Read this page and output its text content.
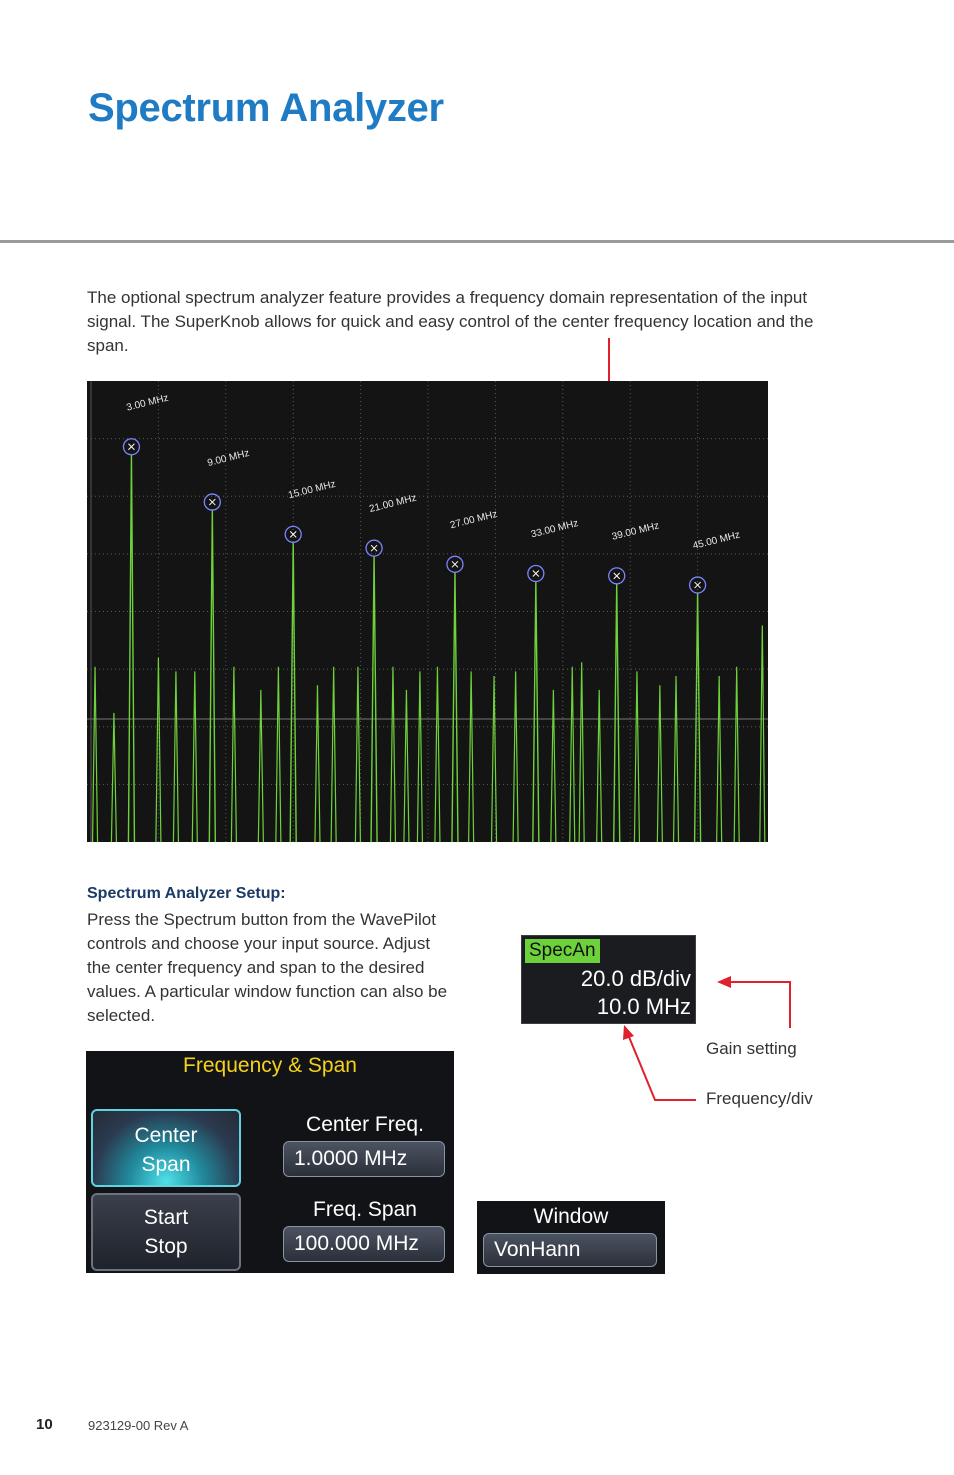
Spectrum Analyzer
The optional spectrum analyzer feature provides a frequency domain representation of the input signal. The SuperKnob allows for quick and easy control of the center frequency location and the span.
3.00 MHz
9.00 MHz
15.00 MHz
21.00 MHz
27.00 MHz	33.00 MHz	39.00 MHz	45.00 MHz
Spectrum Analyzer Setup:
Press the Spectrum button from the WavePilot controls and choose your input source. Adjust the center frequency and span to the desired values. A particular window function can also be selected.
SpecAn
20.0 dB/div
10.0 MHz
Gain setting
Frequency/div
Frequency & Span
Center
Span
Start
Stop
Center Freq.
1.0000 MHz
Freq. Span
100.000 MHz
Window
VonHann
10	923129-00 Rev A
